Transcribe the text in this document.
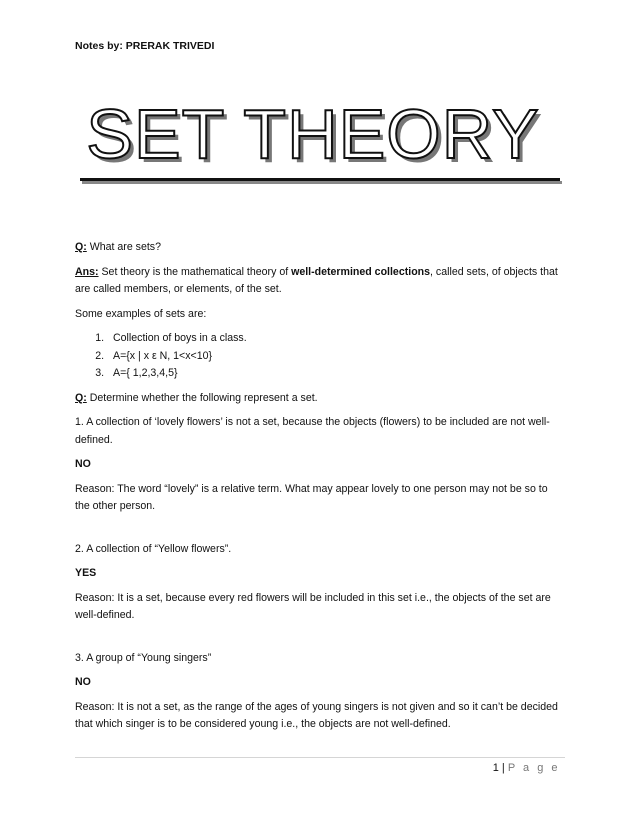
Notes by: PRERAK TRIVEDI
SET THEORY

Q: What are sets?

Ans: Set theory is the mathematical theory of well-determined collections, called sets, of objects that are called members, or elements, of the set.

Some examples of sets are:

1. Collection of boys in a class.
2. A={x | x ε N, 1<x<10}
3. A={ 1,2,3,4,5}

Q: Determine whether the following represent a set.

1. A collection of ‘lovely flowers’ is not a set, because the objects (flowers) to be included are not well-defined.

NO

Reason: The word “lovely” is a relative term. What may appear lovely to one person may not be so to the other person.

2. A collection of “Yellow flowers”.

YES

Reason: It is a set, because every red flowers will be included in this set i.e., the objects of the set are well-defined.

3. A group of “Young singers”

NO

Reason: It is not a set, as the range of the ages of young singers is not given and so it can’t be decided that which singer is to be considered young i.e., the objects are not well-defined.

1 | P a g e
